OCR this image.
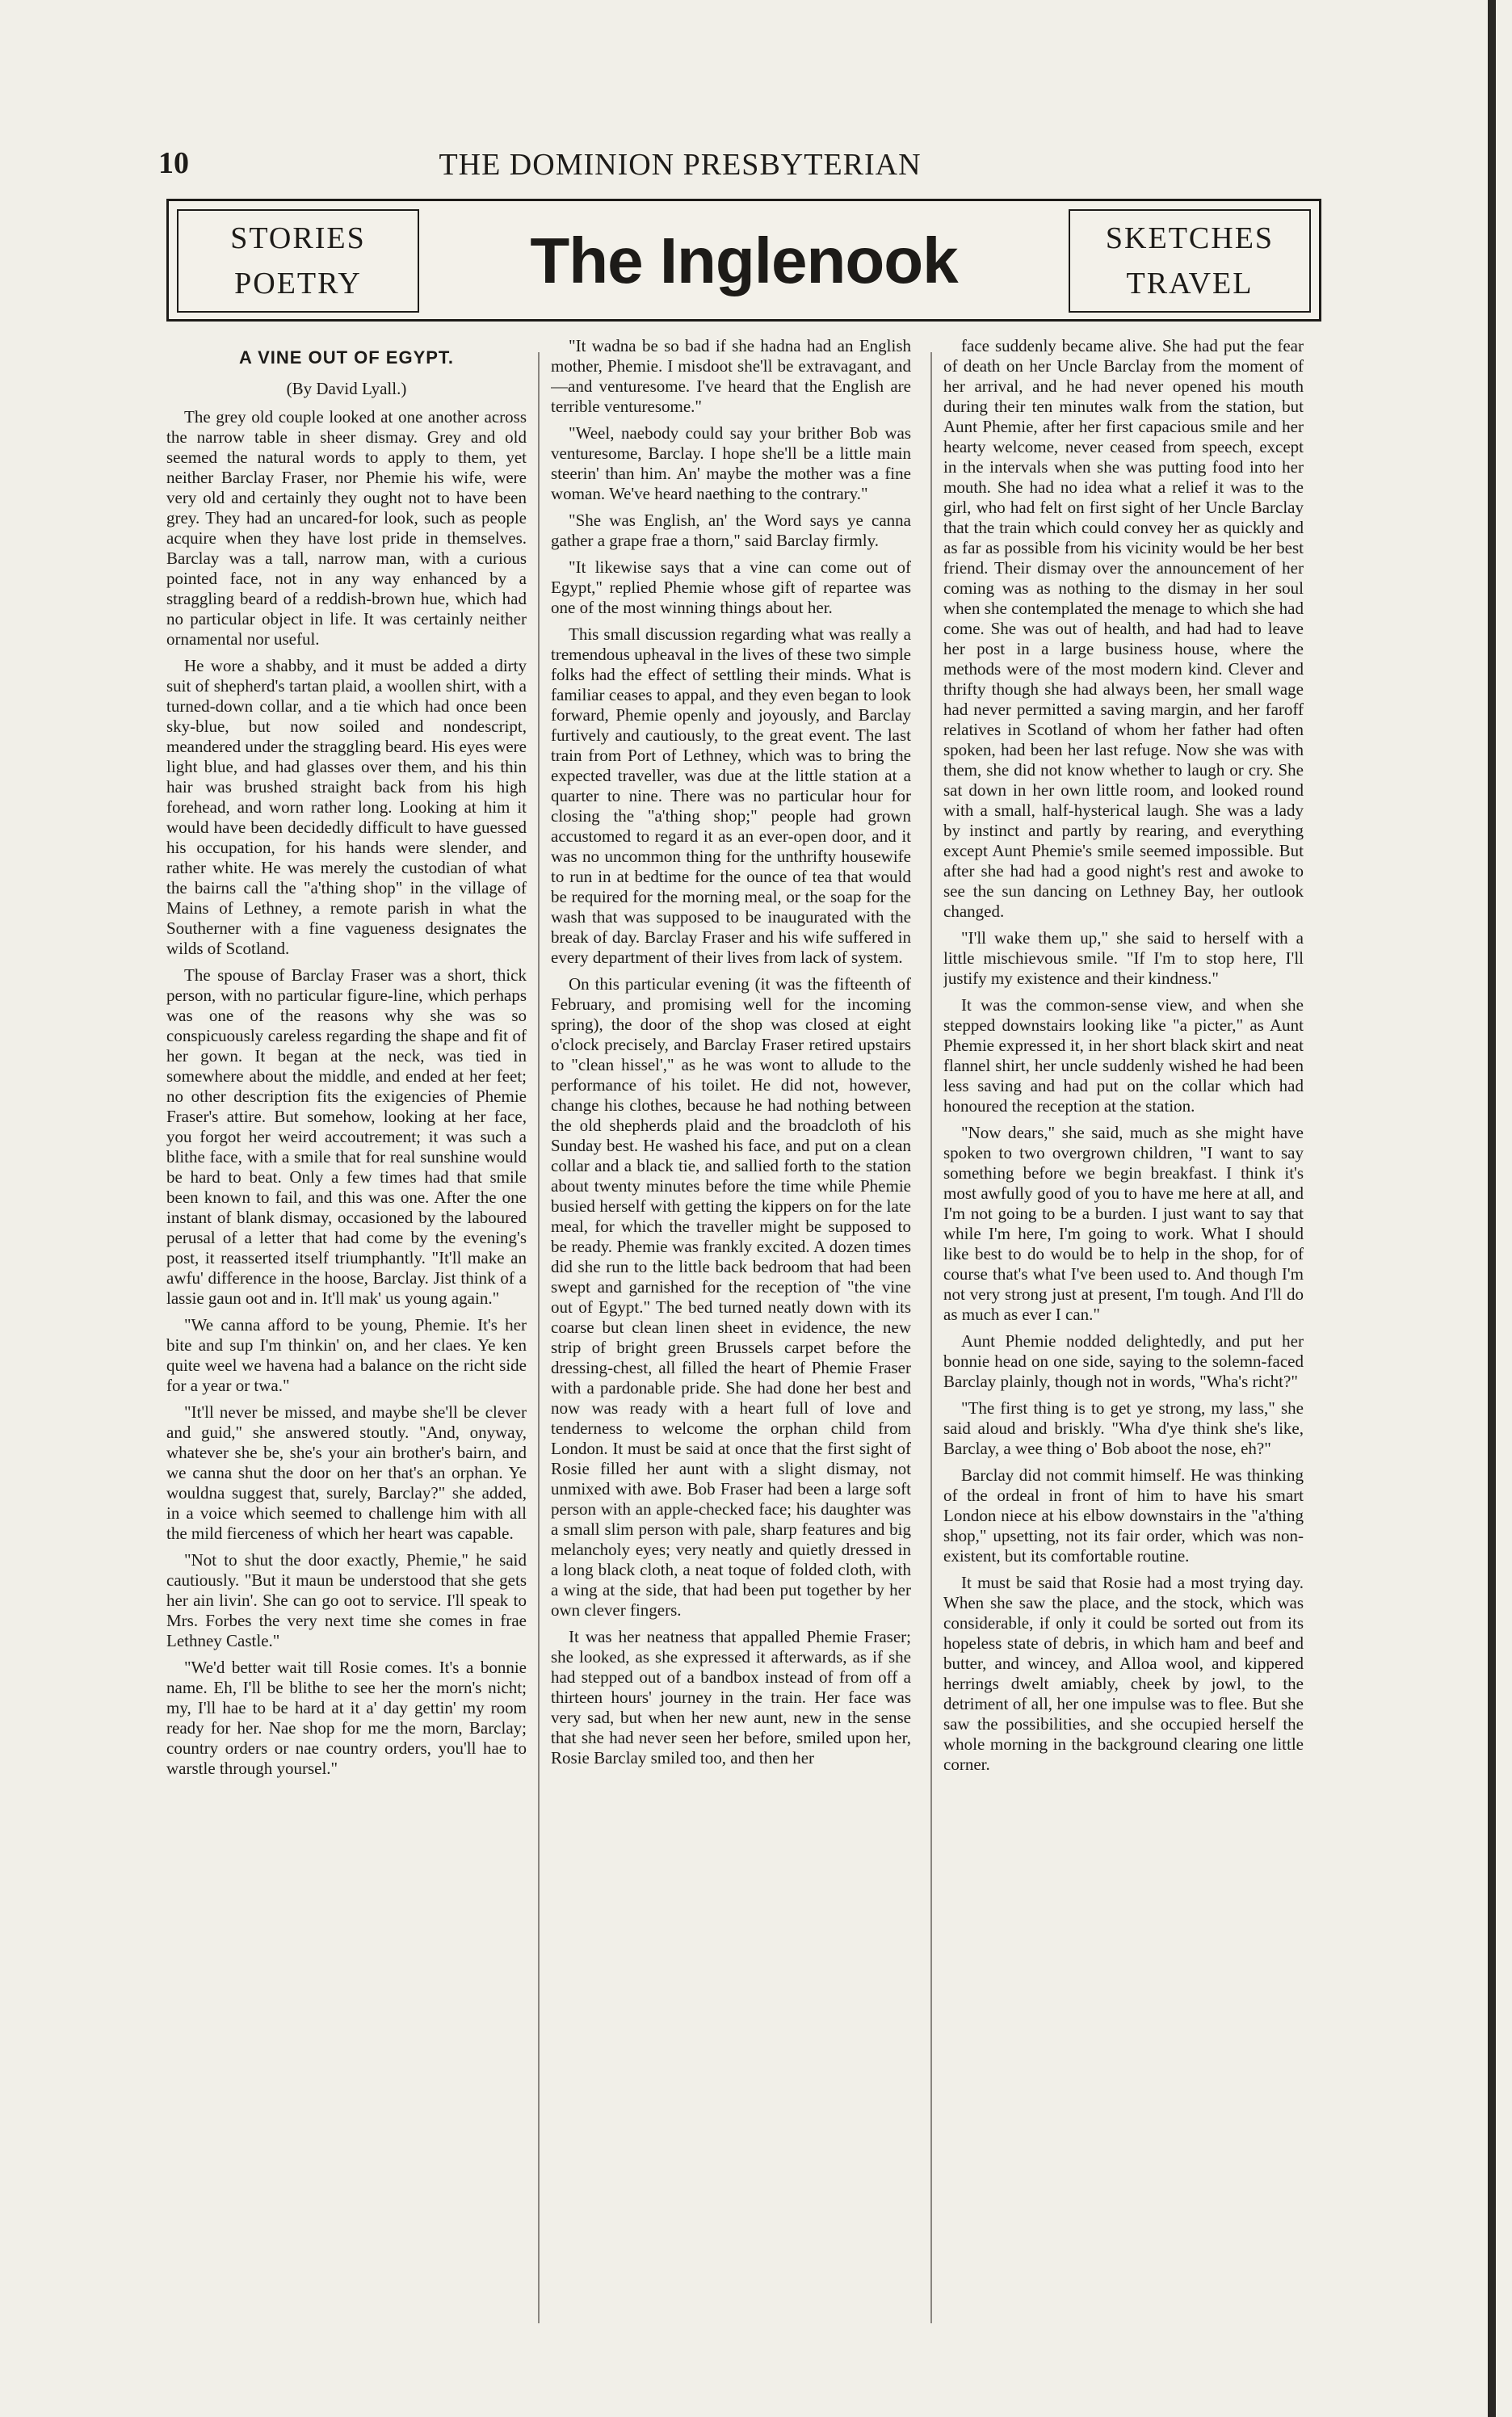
10	THE DOMINION PRESBYTERIAN
STORIES
POETRY	The Inglenook	SKETCHES
TRAVEL
A VINE OUT OF EGYPT.
(By David Lyall.)

The grey old couple looked at one another across the narrow table in sheer dismay. Grey and old seemed the natural words to apply to them, yet neither Barclay Fraser, nor Phemie his wife, were very old and certainly they ought not to have been grey. They had an uncared-for look, such as people acquire when they have lost pride in themselves. Barclay was a tall, narrow man, with a curious pointed face, not in any way enhanced by a straggling beard of a reddish-brown hue, which had no particular object in life. It was certainly neither ornamental nor useful.

He wore a shabby, and it must be added a dirty suit of shepherd's tartan plaid, a woollen shirt, with a turned-down collar, and a tie which had once been sky-blue, but now soiled and nondescript, meandered under the straggling beard. His eyes were light blue, and had glasses over them, and his thin hair was brushed straight back from his high forehead, and worn rather long. Looking at him it would have been decidedly difficult to have guessed his occupation, for his hands were slender, and rather white. He was merely the custodian of what the bairns call the "a'thing shop" in the village of Mains of Lethney, a remote parish in what the Southerner with a fine vagueness designates the wilds of Scotland.

The spouse of Barclay Fraser was a short, thick person, with no particular figure-line, which perhaps was one of the reasons why she was so conspicuously careless regarding the shape and fit of her gown. It began at the neck, was tied in somewhere about the middle, and ended at her feet; no other description fits the exigencies of Phemie Fraser's attire. But somehow, looking at her face, you forgot her weird accoutrement; it was such a blithe face, with a smile that for real sunshine would be hard to beat. Only a few times had that smile been known to fail, and this was one. After the one instant of blank dismay, occasioned by the laboured perusal of a letter that had come by the evening's post, it reasserted itself triumphantly. "It'll make an awfu' difference in the hoose, Barclay. Jist think of a lassie gaun oot and in. It'll mak' us young again."

"We canna afford to be young, Phemie. It's her bite and sup I'm thinkin' on, and her claes. Ye ken quite weel we havena had a balance on the richt side for a year or twa."

"It'll never be missed, and maybe she'll be clever and guid," she answered stoutly. "And, onyway, whatever she be, she's your ain brother's bairn, and we canna shut the door on her that's an orphan. Ye wouldna suggest that, surely, Barclay?" she added, in a voice which seemed to challenge him with all the mild fierceness of which her heart was capable.

"Not to shut the door exactly, Phemie," he said cautiously. "But it maun be understood that she gets her ain livin'. She can go oot to service. I'll speak to Mrs. Forbes the very next time she comes in frae Lethney Castle."

"We'd better wait till Rosie comes. It's a bonnie name. Eh, I'll be blithe to see her the morn's nicht; my, I'll hae to be hard at it a' day gettin' my room ready for her. Nae shop for me the morn, Barclay; country orders or nae country orders, you'll hae to warstle through yoursel."

"It wadna be so bad if she hadna had an English mother, Phemie. I misdoot she'll be extravagant, and—and venturesome. I've heard that the English are terrible venturesome."

"Weel, naebody could say your brither Bob was venturesome, Barclay. I hope she'll be a little main steerin' than him. An' maybe the mother was a fine woman. We've heard naething to the contrary."

"She was English, an' the Word says ye canna gather a grape frae a thorn," said Barclay firmly.

"It likewise says that a vine can come out of Egypt," replied Phemie whose gift of repartee was one of the most winning things about her.

This small discussion regarding what was really a tremendous upheaval in the lives of these two simple folks had the effect of settling their minds. What is familiar ceases to appal, and they even began to look forward, Phemie openly and joyously, and Barclay furtively and cautiously, to the great event. The last train from Port of Lethney, which was to bring the expected traveller, was due at the little station at a quarter to nine. There was no particular hour for closing the "a'thing shop;" people had grown accustomed to regard it as an ever-open door, and it was no uncommon thing for the unthrifty housewife to run in at bedtime for the ounce of tea that would be required for the morning meal, or the soap for the wash that was supposed to be inaugurated with the break of day. Barclay Fraser and his wife suffered in every department of their lives from lack of system.

On this particular evening (it was the fifteenth of February, and promising well for the incoming spring), the door of the shop was closed at eight o'clock precisely, and Barclay Fraser retired upstairs to "clean hissel'," as he was wont to allude to the performance of his toilet. He did not, however, change his clothes, because he had nothing between the old shepherds plaid and the broadcloth of his Sunday best. He washed his face, and put on a clean collar and a black tie, and sallied forth to the station about twenty minutes before the time while Phemie busied herself with getting the kippers on for the late meal, for which the traveller might be supposed to be ready. Phemie was frankly excited. A dozen times did she run to the little back bedroom that had been swept and garnished for the reception of "the vine out of Egypt." The bed turned neatly down with its coarse but clean linen sheet in evidence, the new strip of bright green Brussels carpet before the dressing-chest, all filled the heart of Phemie Fraser with a pardonable pride. She had done her best and now was ready with a heart full of love and tenderness to welcome the orphan child from London. It must be said at once that the first sight of Rosie filled her aunt with a slight dismay, not unmixed with awe. Bob Fraser had been a large soft person with an apple-checked face; his daughter was a small slim person with pale, sharp features and big melancholy eyes; very neatly and quietly dressed in a long black cloth, a neat toque of folded cloth, with a wing at the side, that had been put together by her own clever fingers.

It was her neatness that appalled Phemie Fraser; she looked, as she expressed it afterwards, as if she had stepped out of a bandbox instead of from off a thirteen hours' journey in the train. Her face was very sad, but when her new aunt, new in the sense that she had never seen her before, smiled upon her, Rosie Barclay smiled too, and then her

face suddenly became alive. She had put the fear of death on her Uncle Barclay from the moment of her arrival, and he had never opened his mouth during their ten minutes walk from the station, but Aunt Phemie, after her first capacious smile and her hearty welcome, never ceased from speech, except in the intervals when she was putting food into her mouth. She had no idea what a relief it was to the girl, who had felt on first sight of her Uncle Barclay that the train which could convey her as quickly and as far as possible from his vicinity would be her best friend. Their dismay over the announcement of her coming was as nothing to the dismay in her soul when she contemplated the menage to which she had come. She was out of health, and had had to leave her post in a large business house, where the methods were of the most modern kind. Clever and thrifty though she had always been, her small wage had never permitted a saving margin, and her faroff relatives in Scotland of whom her father had often spoken, had been her last refuge. Now she was with them, she did not know whether to laugh or cry. She sat down in her own little room, and looked round with a small, half-hysterical laugh. She was a lady by instinct and partly by rearing, and everything except Aunt Phemie's smile seemed impossible. But after she had had a good night's rest and awoke to see the sun dancing on Lethney Bay, her outlook changed.

"I'll wake them up," she said to herself with a little mischievous smile. "If I'm to stop here, I'll justify my existence and their kindness."

It was the common-sense view, and when she stepped downstairs looking like "a picter," as Aunt Phemie expressed it, in her short black skirt and neat flannel shirt, her uncle suddenly wished he had been less saving and had put on the collar which had honoured the reception at the station.

"Now dears," she said, much as she might have spoken to two overgrown children, "I want to say something before we begin breakfast. I think it's most awfully good of you to have me here at all, and I'm not going to be a burden. I just want to say that while I'm here, I'm going to work. What I should like best to do would be to help in the shop, for of course that's what I've been used to. And though I'm not very strong just at present, I'm tough. And I'll do as much as ever I can."

Aunt Phemie nodded delightedly, and put her bonnie head on one side, saying to the solemn-faced Barclay plainly, though not in words, "Wha's richt?"

"The first thing is to get ye strong, my lass," she said aloud and briskly. "Wha d'ye think she's like, Barclay, a wee thing o' Bob aboot the nose, eh?"

Barclay did not commit himself. He was thinking of the ordeal in front of him to have his smart London niece at his elbow downstairs in the "a'thing shop," upsetting, not its fair order, which was non-existent, but its comfortable routine.

It must be said that Rosie had a most trying day. When she saw the place, and the stock, which was considerable, if only it could be sorted out from its hopeless state of debris, in which ham and beef and butter, and wincey, and Alloa wool, and kippered herrings dwelt amiably, cheek by jowl, to the detriment of all, her one impulse was to flee. But she saw the possibilities, and she occupied herself the whole morning in the background clearing one little corner.
